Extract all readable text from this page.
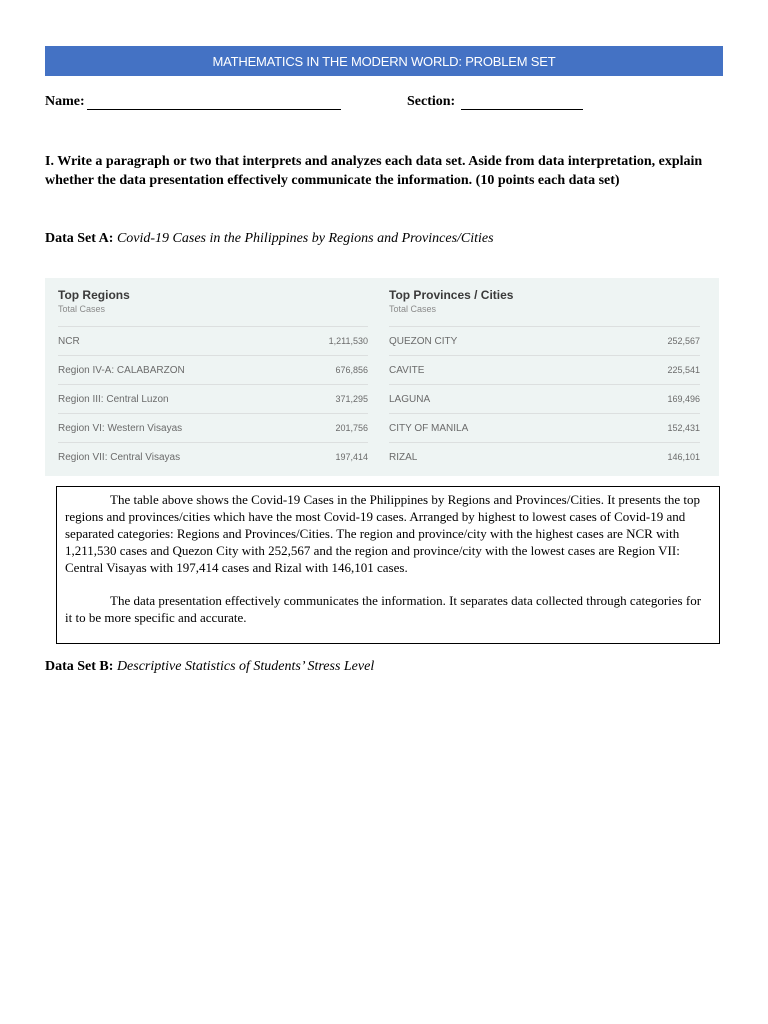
MATHEMATICS IN THE MODERN WORLD: PROBLEM SET
Name:	Section:
I. Write a paragraph or two that interprets and analyzes each data set. Aside from data interpretation, explain whether the data presentation effectively communicate the information. (10 points each data set)
Data Set A: Covid-19 Cases in the Philippines by Regions and Provinces/Cities
Top Regions
Total Cases
NCR	1,211,530
Region IV-A: CALABARZON	676,856
Region III: Central Luzon	371,295
Region VI: Western Visayas	201,756
Region VII: Central Visayas	197,414
Top Provinces / Cities
Total Cases
QUEZON CITY	252,567
CAVITE	225,541
LAGUNA	169,496
CITY OF MANILA	152,431
RIZAL	146,101

The table above shows the Covid-19 Cases in the Philippines by Regions and Provinces/Cities. It presents the top regions and provinces/cities which have the most Covid-19 cases. Arranged by highest to lowest cases of Covid-19 and separated categories: Regions and Provinces/Cities. The region and province/city with the highest cases are NCR with 1,211,530 cases and Quezon City with 252,567 and the region and province/city with the lowest cases are Region VII: Central Visayas with 197,414 cases and Rizal with 146,101 cases.

The data presentation effectively communicates the information. It separates data collected through categories for it to be more specific and accurate.

Data Set B: Descriptive Statistics of Students’ Stress Level
